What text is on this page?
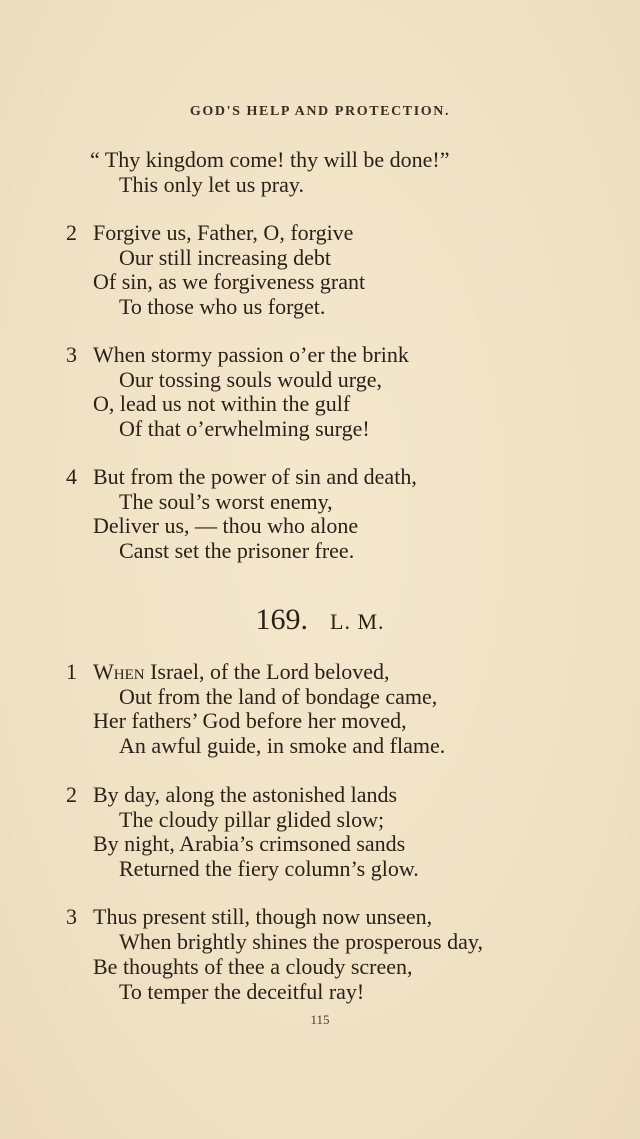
GOD'S HELP AND PROTECTION.
“ Thy kingdom come! thy will be done!”
This only let us pray.
2 Forgive us, Father, O, forgive
Our still increasing debt
Of sin, as we forgiveness grant
To those who us forget.
3 When stormy passion o’er the brink
Our tossing souls would urge,
O, lead us not within the gulf
Of that o’erwhelming surge!
4 But from the power of sin and death,
The soul’s worst enemy,
Deliver us, — thou who alone
Canst set the prisoner free.
169. L. M.
1 When Israel, of the Lord beloved,
Out from the land of bondage came,
Her fathers’ God before her moved,
An awful guide, in smoke and flame.
2 By day, along the astonished lands
The cloudy pillar glided slow;
By night, Arabia’s crimsoned sands
Returned the fiery column’s glow.
3 Thus present still, though now unseen,
When brightly shines the prosperous day,
Be thoughts of thee a cloudy screen,
To temper the deceitful ray!
115
